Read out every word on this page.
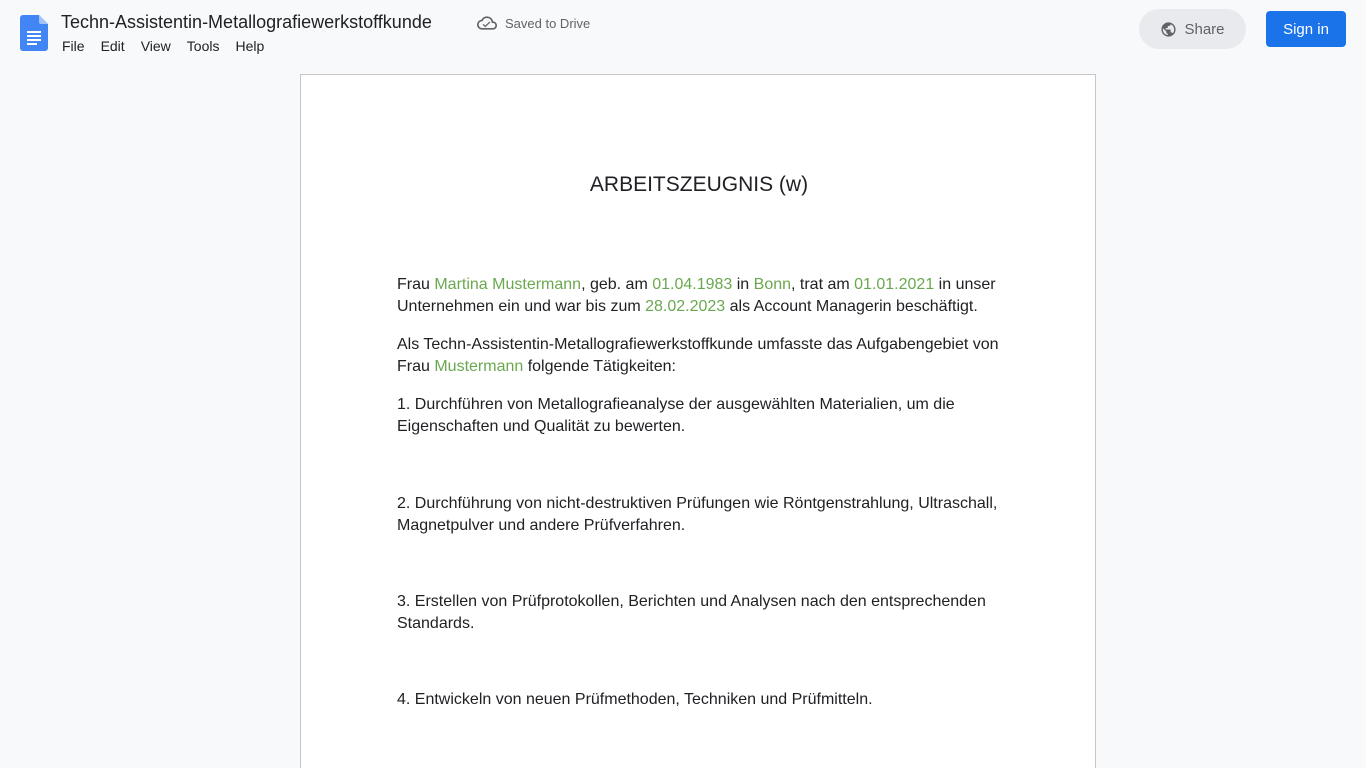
Techn-Assistentin-Metallografiewerkstoffkunde	Saved to Drive
File	Edit	View	Tools	Help
Share	Sign in
ARBEITSZEUGNIS (w)
Frau Martina Mustermann, geb. am 01.04.1983 in Bonn, trat am 01.01.2021 in unser Unternehmen ein und war bis zum 28.02.2023 als Account Managerin beschäftigt.
Als Techn-Assistentin-Metallografiewerkstoffkunde umfasste das Aufgabengebiet von Frau Mustermann folgende Tätigkeiten:
1. Durchführen von Metallografieanalyse der ausgewählten Materialien, um die Eigenschaften und Qualität zu bewerten.
2. Durchführung von nicht-destruktiven Prüfungen wie Röntgenstrahlung, Ultraschall, Magnetpulver und andere Prüfverfahren.
3. Erstellen von Prüfprotokollen, Berichten und Analysen nach den entsprechenden Standards.
4. Entwickeln von neuen Prüfmethoden, Techniken und Prüfmitteln.
